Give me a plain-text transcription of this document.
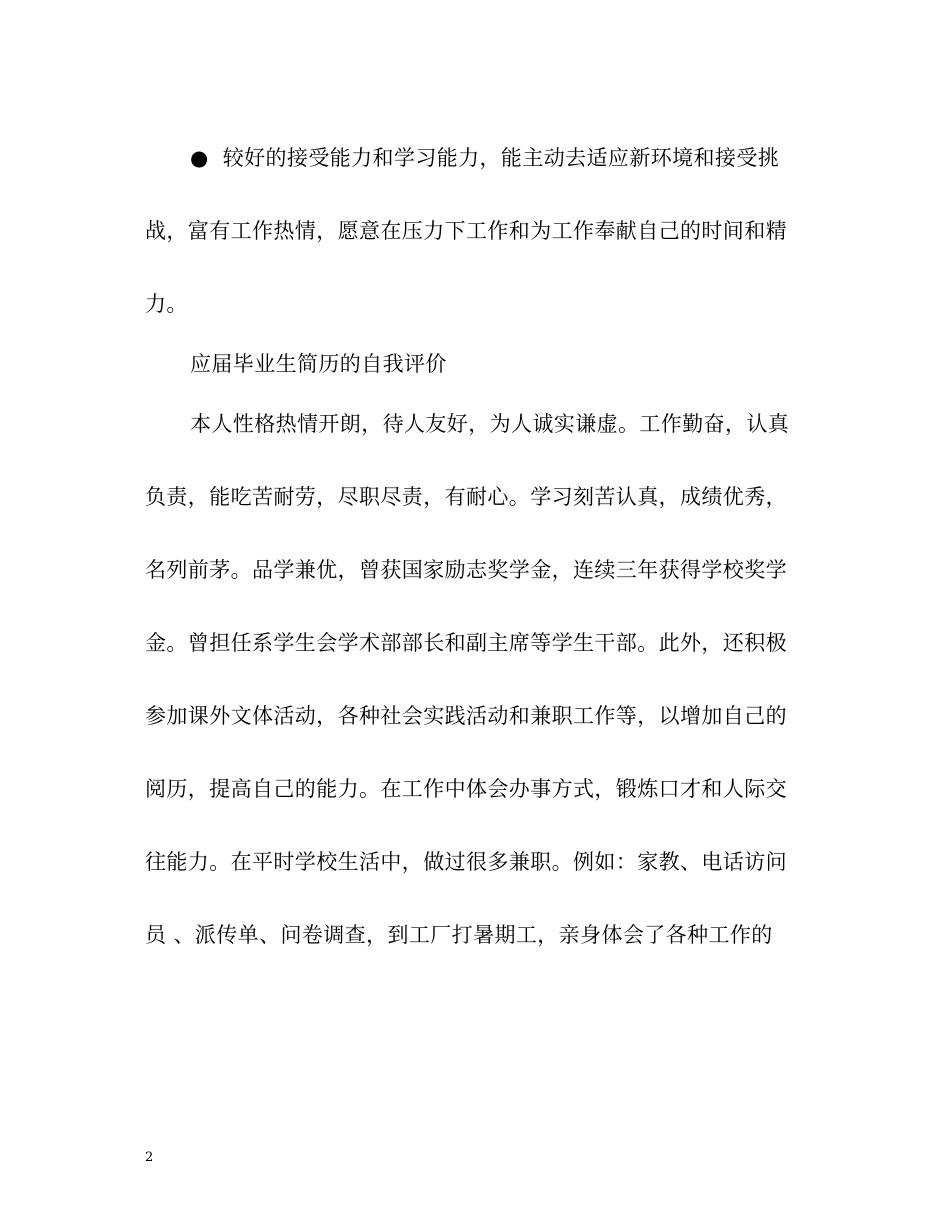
● 较好的接受能力和学习能力，能主动去适应新环境和接受挑
战，富有工作热情，愿意在压力下工作和为工作奉献自己的时间和精
力。
应届毕业生简历的自我评价
本人性格热情开朗，待人友好，为人诚实谦虚。工作勤奋，认真
负责，能吃苦耐劳，尽职尽责，有耐心。学习刻苦认真，成绩优秀，
名列前茅。品学兼优，曾获国家励志奖学金，连续三年获得学校奖学
金。曾担任系学生会学术部部长和副主席等学生干部。此外，还积极
参加课外文体活动，各种社会实践活动和兼职工作等，以增加自己的
阅历，提高自己的能力。在工作中体会办事方式，锻炼口才和人际交
往能力。在平时学校生活中，做过很多兼职。例如：家教、电话访问
员 、派传单、问卷调查，到工厂打暑期工，亲身体会了各种工作的
2
